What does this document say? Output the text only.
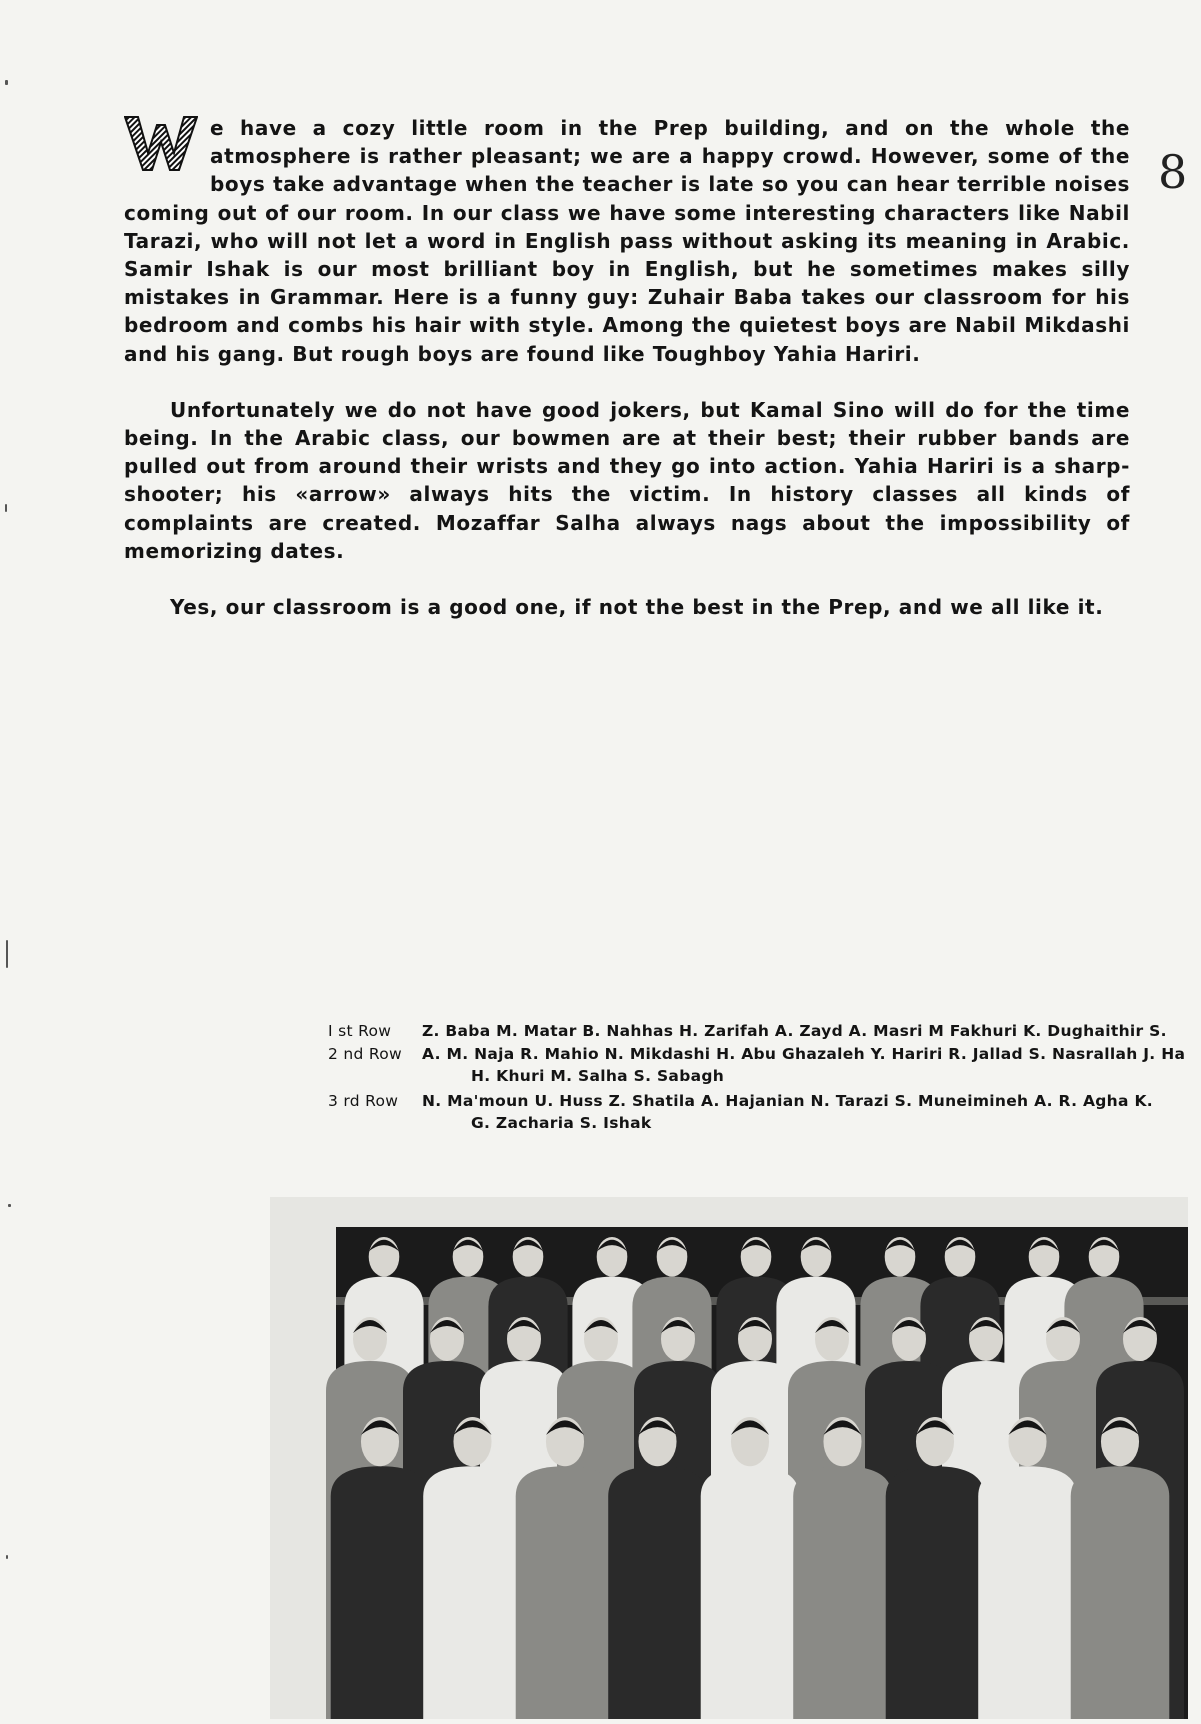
8

e have a cozy little room in the Prep building, and on the whole the atmosphere is rather pleasant; we are a happy crowd. However, some of the boys take advantage when the teacher is late so you can hear terrible noises coming out of our room. In our class we have some interesting characters like Nabil Tarazi, who will not let a word in English pass without asking its meaning in Arabic. Samir Ishak is our most brilliant boy in English, but he sometimes makes silly mistakes in Grammar. Here is a funny guy: Zuhair Baba takes our classroom for his bedroom and combs his hair with style. Among the quietest boys are Nabil Mikdashi and his gang. But rough boys are found like Toughboy Yahia Hariri.

Unfortunately we do not have good jokers, but Kamal Sino will do for the time being. In the Arabic class, our bowmen are at their best; their rubber bands are pulled out from around their wrists and they go into action. Yahia Hariri is a sharp-shooter; his «arrow» always hits the victim. In history classes all kinds of complaints are created. Mozaffar Salha always nags about the impossibility of memorizing dates.

Yes, our classroom is a good one, if not the best in the Prep, and we all like it.

I st Row	Z. Baba M. Matar B. Nahhas H. Zarifah A. Zayd A. Masri M Fakhuri K. Dughaithir S.
2 nd Row	A. M. Naja R. Mahio N. Mikdashi H. Abu Ghazaleh Y. Hariri R. Jallad S. Nasrallah J. Ha
H. Khuri M. Salha S. Sabagh
3 rd Row	N. Ma'moun U. Huss Z. Shatila A. Hajanian N. Tarazi S. Muneimineh A. R. Agha K.
G. Zacharia S. Ishak
